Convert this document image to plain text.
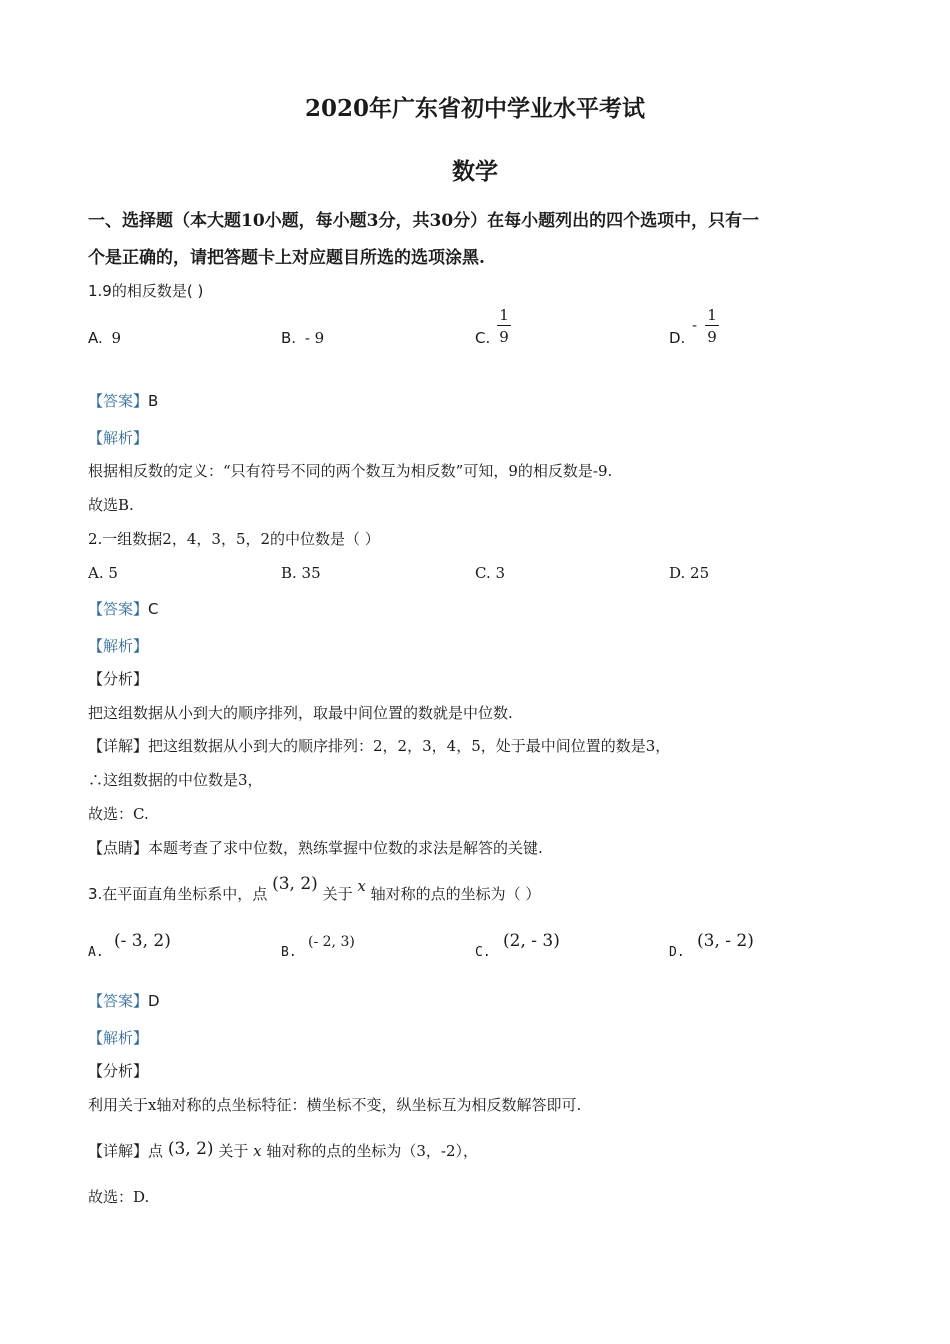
2020年广东省初中学业水平考试
数学
一、选择题（本大题10小题，每小题3分，共30分）在每小题列出的四个选项中，只有一
个是正确的，请把答题卡上对应题目所选的选项涂黑.
1.9的相反数是( )
A. 9	B. - 9	C.
1
9	D.
-
1
9
【答案】B
【解析】
根据相反数的定义：“只有符号不同的两个数互为相反数”可知，9的相反数是-9.
故选B.
2.一组数据2，4，3，5，2的中位数是（ ）
A. 5	B. 35	C. 3	D. 25
【答案】C
【解析】
【分析】
把这组数据从小到大的顺序排列，取最中间位置的数就是中位数.
【详解】把这组数据从小到大的顺序排列：2，2，3，4，5，处于最中间位置的数是3，
∴这组数据的中位数是3，
故选：C.
【点睛】本题考查了求中位数，熟练掌握中位数的求法是解答的关键.
3.在平面直角坐标系中，点 (3, 2) 关于 x 轴对称的点的坐标为（ ）
A.
(- 3, 2)
B.
(- 2, 3)
C.
(2, - 3)
D.
(3, - 2)
【答案】D
【解析】
【分析】
利用关于x轴对称的点坐标特征：横坐标不变，纵坐标互为相反数解答即可.
【详解】点 (3, 2) 关于 x 轴对称的点的坐标为（3，-2），
故选：D.
